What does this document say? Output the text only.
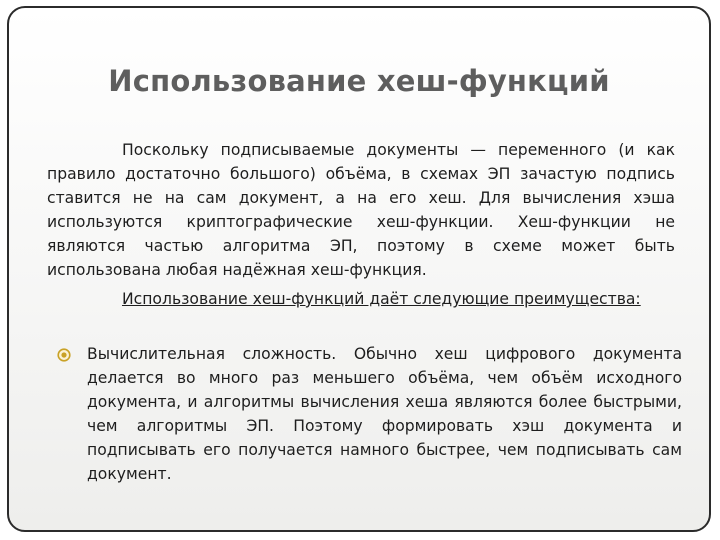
Использование хеш-функций
Поскольку подписываемые документы — переменного (и как правило достаточно большого) объёма, в схемах ЭП зачастую подпись ставится не на сам документ, а на его хеш. Для вычисления хэша используются криптографические хеш-функции. Хеш-функции не являются частью алгоритма ЭП, поэтому в схеме может быть использована любая надёжная хеш-функция.
Использование хеш-функций даёт следующие преимущества:
Вычислительная сложность. Обычно хеш цифрового документа делается во много раз меньшего объёма, чем объём исходного документа, и алгоритмы вычисления хеша являются более быстрыми, чем алгоритмы ЭП. Поэтому формировать хэш документа и подписывать его получается намного быстрее, чем подписывать сам документ.
